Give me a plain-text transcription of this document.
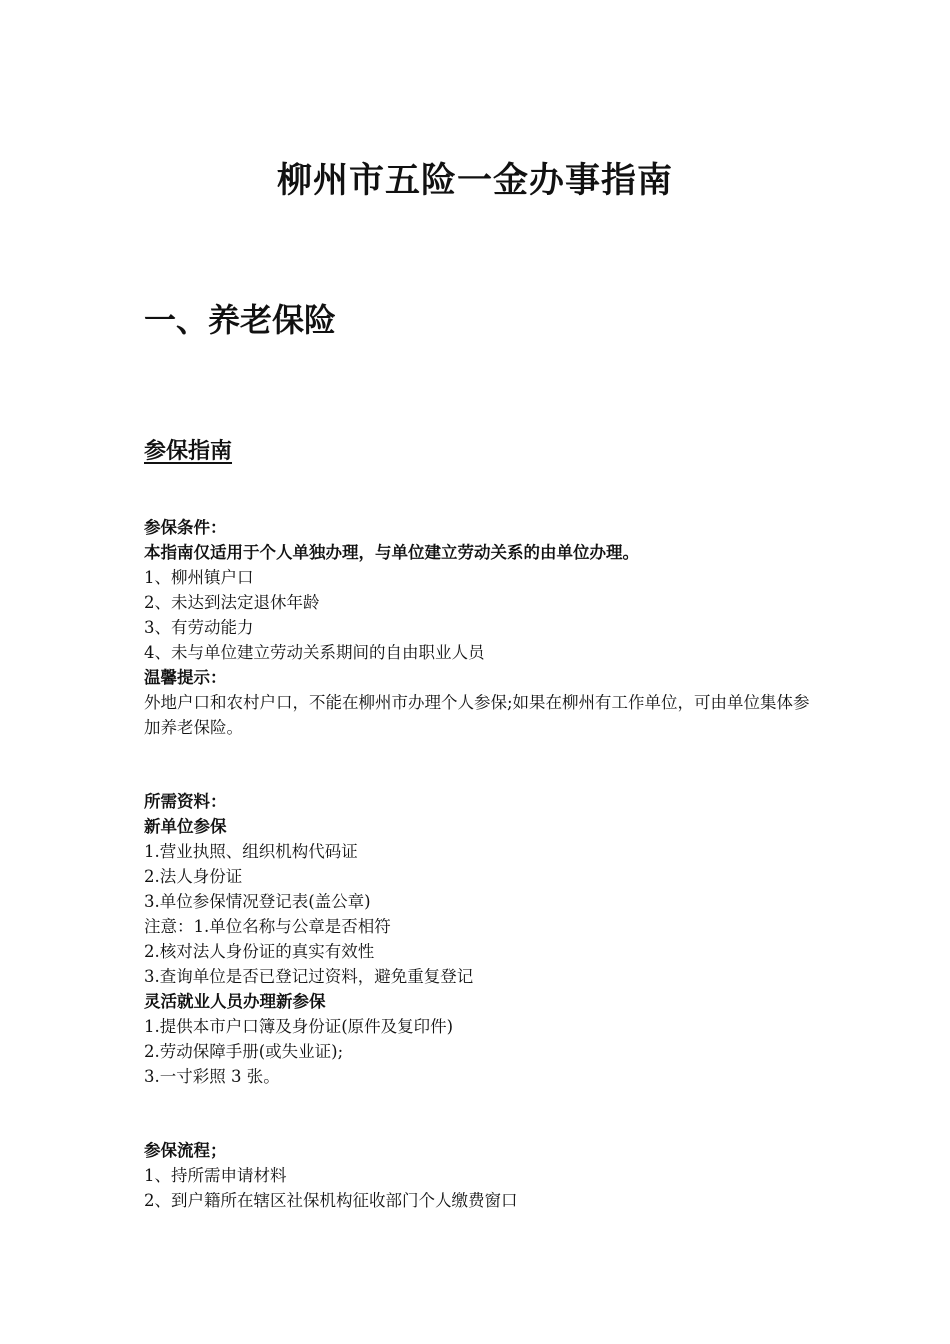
柳州市五险一金办事指南
一、养老保险
参保指南
参保条件：
本指南仅适用于个人单独办理，与单位建立劳动关系的由单位办理。
1、柳州镇户口
2、未达到法定退休年龄
3、有劳动能力
4、未与单位建立劳动关系期间的自由职业人员
温馨提示：
外地户口和农村户口，不能在柳州市办理个人参保;如果在柳州有工作单位，可由单位集体参加养老保险。
所需资料：
新单位参保
1.营业执照、组织机构代码证
2.法人身份证
3.单位参保情况登记表(盖公章)
注意：1.单位名称与公章是否相符
2.核对法人身份证的真实有效性
3.查询单位是否已登记过资料，避免重复登记
灵活就业人员办理新参保
1.提供本市户口簿及身份证(原件及复印件)
2.劳动保障手册(或失业证);
3.一寸彩照 3 张。
参保流程；
1、持所需申请材料
2、到户籍所在辖区社保机构征收部门个人缴费窗口
